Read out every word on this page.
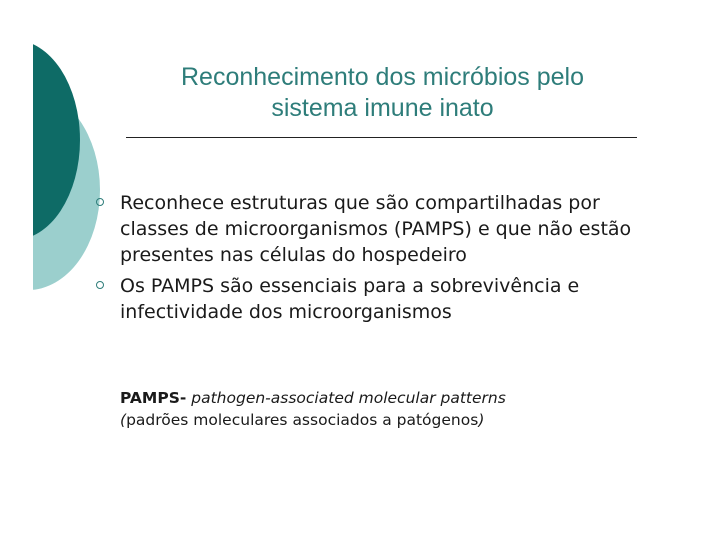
Reconhecimento dos micróbios pelo
sistema imune inato
Reconhece estruturas que são compartilhadas por classes de microorganismos (PAMPS) e que não estão presentes nas células do hospedeiro
Os PAMPS são essenciais para a sobrevivência e infectividade dos microorganismos
PAMPS- pathogen-associated molecular patterns
(padrões moleculares associados a patógenos)
